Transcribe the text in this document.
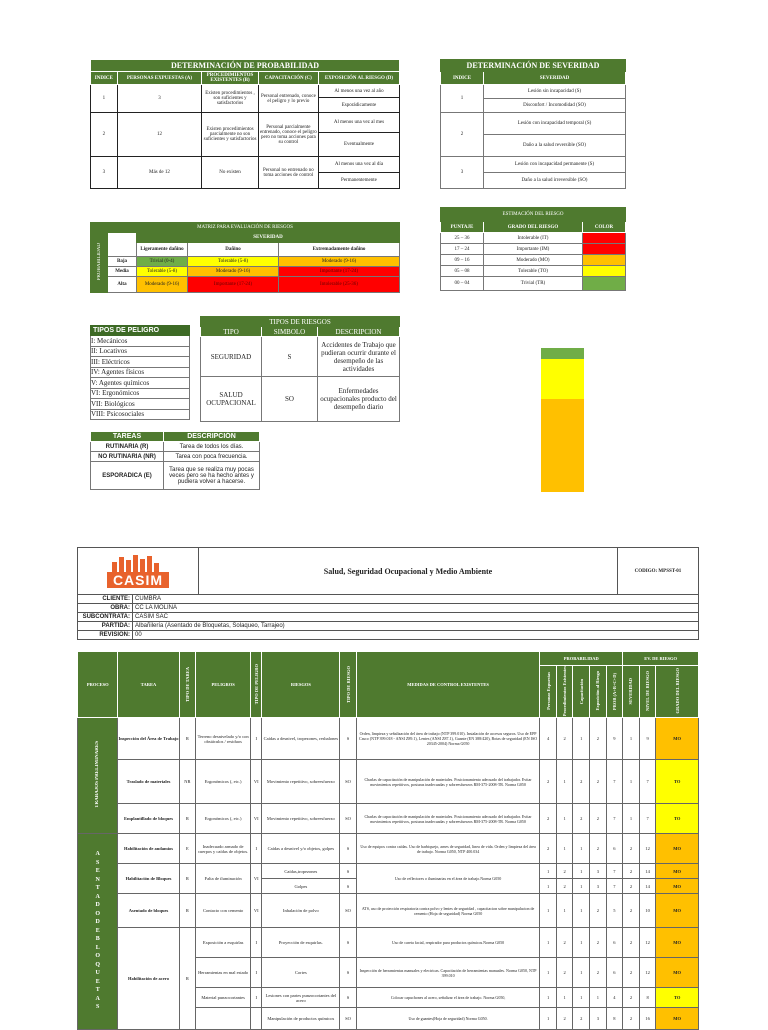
DETERMINACIÓN DE PROBABILIDAD				
INDICE	PERSONAS EXPUESTAS (A)	PROCEDIMIENTOS EXISTENTES (B)	CAPACITACIÓN (C)	EXPOSICIÓN AL RIESGO (D)
1	3	Existen procedimientos , son suficientes y satisfactorios	Personal entrenado, conoce el peligro y lo previo	Al menos una vez al año
				Esporádicamente
2	12	Existen procedimientos parcialmente no son suficientes y satisfactorios	Personal parcialmente entrenado, conoce el peligro pero no toma acciones para su control	Al menos una vez al mes
				Eventualmente
3	Más de 12	No existen	Personal no entrenado no toma acciones de control	Al menos una vez al día
				Permanentemente
DETERMINACIÓN DE SEVERIDAD	
INDICE	SEVERIDAD
1	Lesión sin incapacidad (S)
	Disconfort / Incomodidad (SO)
2	Lesión con incapacidad temporal (S)
	Daño a la salud reversible (SO)
3	Lesión con incapacidad permanente (S)
	Daño a la salud irreversible (SO)
MATRIZ PARA EVALUACIÓN DE RIESGOS				
PROBABILIDAD		SEVERIDAD		
		Ligeramente dañino	Dañino	Extremadamente dañino
	Baja	Trivial (0-4)	Tolerable (5-8)	Moderado (9-16)
	Media	Tolerable (5-8)	Moderado (9-16)	Importante (17-24)
	Alta	Moderado (9-16)	Importante (17-24)	Intolerable (25-36)
ESTIMACIÓN DEL RIESGO		
PUNTAJE	GRADO DEL RIESGO	COLOR
25 – 36	Intolerable (IT)	
17 – 24	Importante (IM)	
09 – 16	Moderado (MO)	
05 – 08	Tolerable (TO)	
00 – 04	Trivial (TR)	
TIPOS DE PELIGRO
I: Mecánicos
II: Locativos
III: Eléctricos
IV: Agentes físicos
V: Agentes químicos
VI: Ergonómicos
VII: Biológicos
VIII: Psicosociales
TIPOS DE RIESGOS		
TIPO	SIMBOLO	DESCRIPCION
SEGURIDAD	S	Accidentes de Trabajo que pudieran ocurrir durante el desempeño de las actividades
SALUD OCUPACIONAL	SO	Enfermedades ocupacionales producto del desempeño diario
TAREAS	DESCRIPCIÓN
RUTINARIA (R)	Tarea de todos los días.
NO RUTINARIA (NR)	Tarea con poca frecuencia.
ESPORADICA (E)	Tarea que se realiza muy pocas veces pero se ha hecho antes y pudiera volver a hacerse.
CASIM
	Salud, Seguridad Ocupacional y Medio Ambiente	CODIGO: MPSST-01
CLIENTE:	CUMBRA
OBRA:	CC LA MOLINA
SUBCONTRATA:	CASIM SAC
PARTIDA:	Albañilería (Asentado de Bloquetas, Solaqueo, Tarrajeo)
REVISION:	00
PROCESO	TAREA	TIPO DE TAREA	PELIGROS	TIPO DE PELIGRO	RIESGOS	TIPO DE RIESGO	MEDIDAS DE CONTROL EXISTENTES	PROBABILIDAD					EV. DE RIESGO		
								Personas Expuestas	Procedimientos Existentes	Capacitación	Exposición al Riesgo	PROB (A+B+C+D)	SEVERIDAD	NIVEL DE RIESGO	GRADO DEL RIESGO
TRABAJOS PRELIMINARES	Inspección del Área de Trabajo	R	Terreno desnivelado y/o con obstáculos / residuos	I	Caídas a desnivel, tropezones, resbalones	S	Orden, limpieza y señalización del área de trabajo (NTP 399.010). Instalación de accesos seguros. Uso de EPP Casco (NTP 399.018 - ANSI Z89.1), Lentes (ANSI Z87.1), Guante (EN 388/420), Botas de seguridad (EN ISO 20345-2004) Norma G050	4	2	1	2	9	1	9	MO
	Traslado de materiales	NR	Ergonómicos (, etc.)	VI	Movimiento repetitivo, sobreesfuerzo	SO	Charlas de capacitación de manipulación de materiales. Posicionamiento adecuado del trabajador. Evitar movimientos repetitivos, posturas inadecuadas y sobreesfuerzos RM-375-2008-TR. Norma G050	2	1	2	2	7	1	7	TO
	Emplantillado de bloques	R	Ergonómicos (, etc.)	VI	Movimiento repetitivo, sobreesfuerzo	SO	Charlas de capacitación de manipulación de materiales. Posicionamiento adecuado del trabajador. Evitar movimientos repetitivos, posturas inadecuadas y sobreesfuerzos RM-375-2008-TR. Norma G050	2	1	2	2	7	1	7	TO

ASENTADO DE BLOQUETAS	Habilitación de andamios	E	Inadecuado armado de cuerpos y caídas de objetos.	I	Caídas a desnivel y/o objetos, golpes	S	Uso de equipos contra caídas. Uso de barbiquejo, arnes de seguridad, linea de vida. Orden y limpieza del área de trabajo. Norma G050, NTP 400.034	2	1	1	2	6	2	12	MO
	Habilitación de Bloques	R	Falta de iluminación	VI	Caídas,tropezones	S	Uso de reflectores o iluminarias en el área de trabajo.Norma G050	1	2	1	3	7	2	14	MO
					Golpes	S		1	2	1	3	7	2	14	MO
	Asentado de bloques	R	Contacto con cemento	VI	Inhalación de polvo	SO	ATS, uso de protección respiratoria contra polvo y lentes de seguridad , capacitacion sobre manipulacion de cemento (Hoja de seguridad) Norma G050	1	1	1	2	5	2	10	MO
	Habilitación de acero	R	Exposición a esquirlas	I	Proyección de esquirlas.	S	Uso de careta facial, respirador para productos químicos.Norma G050	1	2	1	2	6	2	12	MO
			Herramientas en mal estado	I	Cortes	S	Inspección de herramientas manuales y electricas. Capacitación de herramientas manuales. Norma G050, NTP 399.010	1	2	1	2	6	2	12	MO
			Material punzocortantes	I	Lesiones con partes punzocortantes del acero	S	Colocar capuchones al acero, señalizar el área de trabajo. Norma G050,	1	1	1	1	4	2	8	TO
					Manipulación de productos químicos	SO	Uso de guantes(Hoja de seguridad) Norma G050.	1	2	2	3	8	2	16	MO
